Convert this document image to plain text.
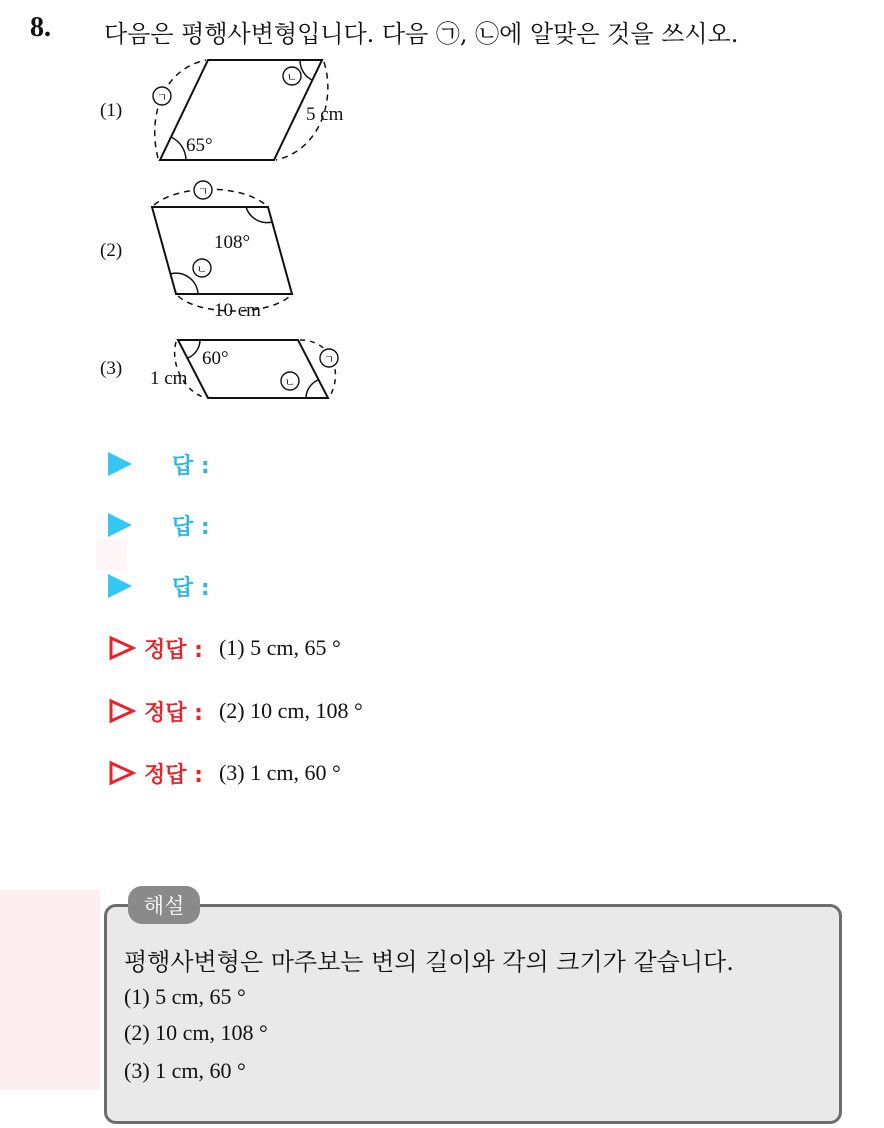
8. 다음은 평행사변형입니다. 다음 ㉠, ㉡에 알맞은 것을 쓰시오.
(1)
65°
5 cm
ㄱ
ㄴ
(2)	108°
10 cm
ㄱ
ㄴ
(3)	60°
1 cm
ㄱ
ㄴ
답 :
답 :
답 :
정답 : (1) 5 cm, 65 °
정답 : (2) 10 cm, 108 °
정답 : (3) 1 cm, 60 °
해설
평행사변형은 마주보는 변의 길이와 각의 크기가 같습니다.
(1) 5 cm, 65 °
(2) 10 cm, 108 °
(3) 1 cm, 60 °
